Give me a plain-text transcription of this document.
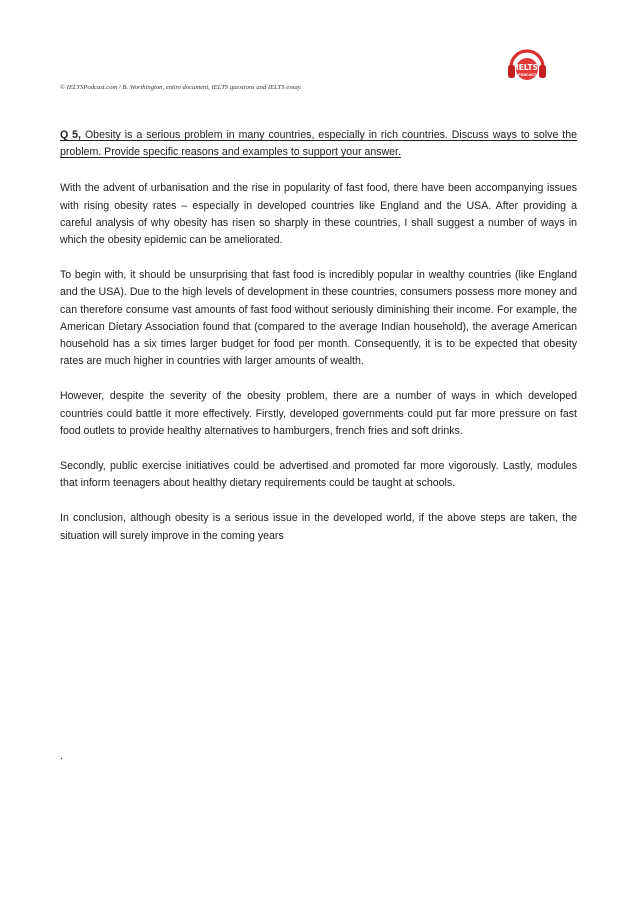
IELTS
PODCAST
© IELTSPodcast.com / B. Worthington, entire document, IELTS questions and IELTS essay.

Q 5, Obesity is a serious problem in many countries, especially in rich countries. Discuss ways to solve the problem. Provide specific reasons and examples to support your answer.

With the advent of urbanisation and the rise in popularity of fast food, there have been accompanying issues with rising obesity rates – especially in developed countries like England and the USA. After providing a careful analysis of why obesity has risen so sharply in these countries, I shall suggest a number of ways in which the obesity epidemic can be ameliorated.

To begin with, it should be unsurprising that fast food is incredibly popular in wealthy countries (like England and the USA). Due to the high levels of development in these countries, consumers possess more money and can therefore consume vast amounts of fast food without seriously diminishing their income. For example, the American Dietary Association found that (compared to the average Indian household), the average American household has a six times larger budget for food per month. Consequently, it is to be expected that obesity rates are much higher in countries with larger amounts of wealth.

However, despite the severity of the obesity problem, there are a number of ways in which developed countries could battle it more effectively. Firstly, developed governments could put far more pressure on fast food outlets to provide healthy alternatives to hamburgers, french fries and soft drinks.

Secondly, public exercise initiatives could be advertised and promoted far more vigorously. Lastly, modules that inform teenagers about healthy dietary requirements could be taught at schools.

In conclusion, although obesity is a serious issue in the developed world, if the above steps are taken, the situation will surely improve in the coming years

.
